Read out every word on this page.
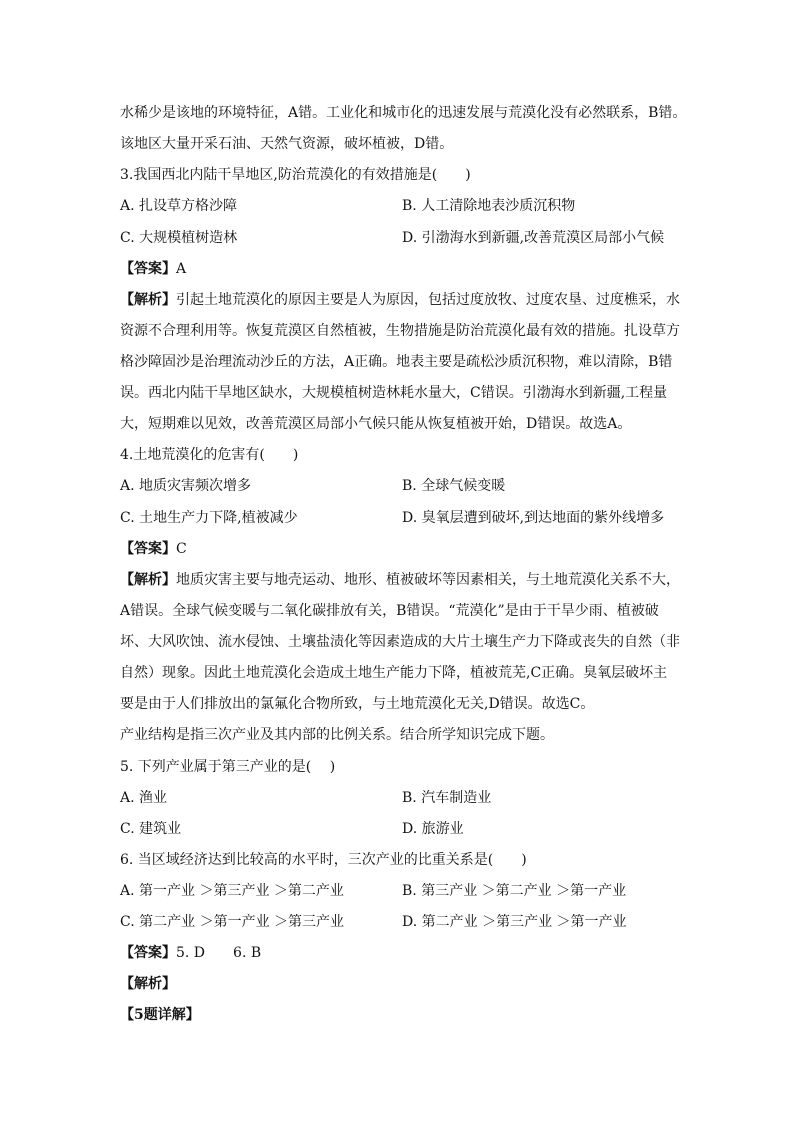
水稀少是该地的环境特征，A错。工业化和城市化的迅速发展与荒漠化没有必然联系，B错。
该地区大量开采石油、天然气资源，破坏植被，D错。
3.我国西北内陆干旱地区,防治荒漠化的有效措施是(　　)
A. 扎设草方格沙障	B. 人工清除地表沙质沉积物
C. 大规模植树造林	D. 引渤海水到新疆,改善荒漠区局部小气候
【答案】A
【解析】引起土地荒漠化的原因主要是人为原因，包括过度放牧、过度农垦、过度樵采，水
资源不合理利用等。恢复荒漠区自然植被，生物措施是防治荒漠化最有效的措施。扎设草方
格沙障固沙是治理流动沙丘的方法，A正确。地表主要是疏松沙质沉积物，难以清除，B错
误。西北内陆干旱地区缺水，大规模植树造林耗水量大，C错误。引渤海水到新疆,工程量
大，短期难以见效，改善荒漠区局部小气候只能从恢复植被开始，D错误。故选A。
4.土地荒漠化的危害有(　　)
A. 地质灾害频次增多	B. 全球气候变暖
C. 土地生产力下降,植被减少	D. 臭氧层遭到破坏,到达地面的紫外线增多
【答案】C
【解析】地质灾害主要与地壳运动、地形、植被破坏等因素相关，与土地荒漠化关系不大，
A错误。全球气候变暖与二氧化碳排放有关，B错误。“荒漠化”是由于干旱少雨、植被破
坏、大风吹蚀、流水侵蚀、土壤盐渍化等因素造成的大片土壤生产力下降或丧失的自然（非
自然）现象。因此土地荒漠化会造成土地生产能力下降，植被荒芜,C正确。臭氧层破坏主
要是由于人们排放出的氯氟化合物所致，与土地荒漠化无关,D错误。故选C。
产业结构是指三次产业及其内部的比例关系。结合所学知识完成下题。
5. 下列产业属于第三产业的是(　 )
A. 渔业	B. 汽车制造业
C. 建筑业	D. 旅游业
6. 当区域经济达到比较高的水平时，三次产业的比重关系是(　　)
A. 第一产业 ＞第三产业 ＞第二产业	B. 第三产业 ＞第二产业 ＞第一产业
C. 第二产业 ＞第一产业 ＞第三产业	D. 第二产业 ＞第三产业 ＞第一产业
【答案】5. D　　6. B
【解析】
【5题详解】
